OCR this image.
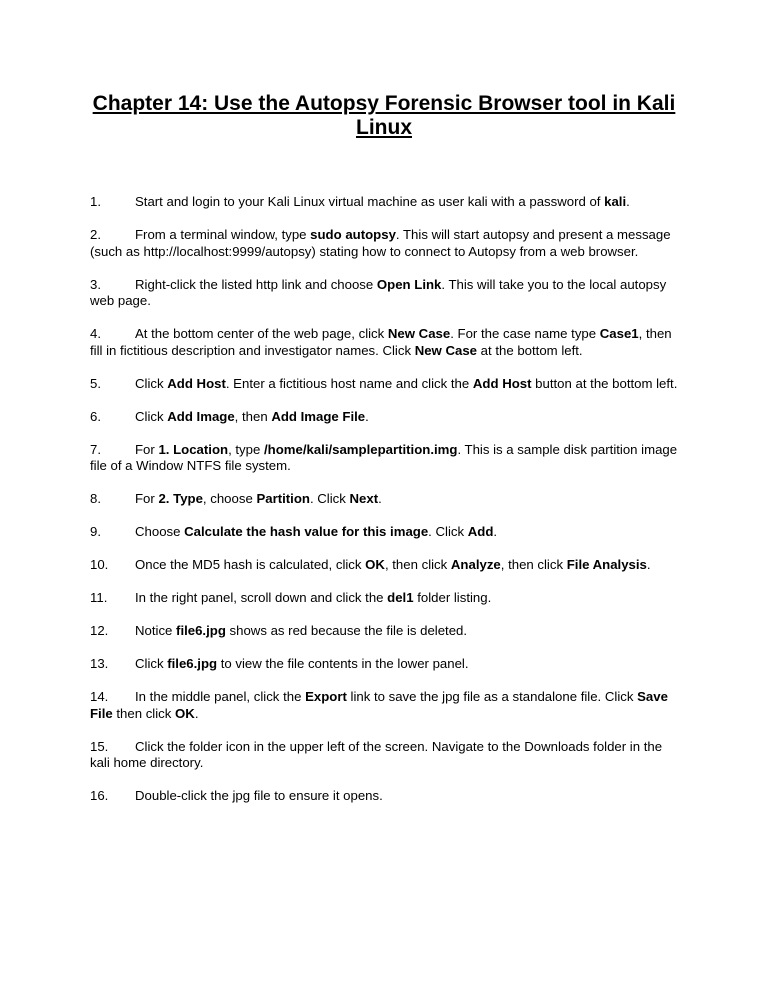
Chapter 14: Use the Autopsy Forensic Browser tool in Kali Linux
1.	Start and login to your Kali Linux virtual machine as user kali with a password of kali.
2.	From a terminal window, type sudo autopsy. This will start autopsy and present a message (such as http://localhost:9999/autopsy) stating how to connect to Autopsy from a web browser.
3.	Right-click the listed http link and choose Open Link. This will take you to the local autopsy web page.
4.	At the bottom center of the web page, click New Case. For the case name type Case1, then fill in fictitious description and investigator names. Click New Case at the bottom left.
5.	Click Add Host. Enter a fictitious host name and click the Add Host button at the bottom left.
6.	Click Add Image, then Add Image File.
7.	For 1. Location, type /home/kali/samplepartition.img. This is a sample disk partition image file of a Window NTFS file system.
8.	For 2. Type, choose Partition. Click Next.
9.	Choose Calculate the hash value for this image. Click Add.
10. Once the MD5 hash is calculated, click OK, then click Analyze, then click File Analysis.
11. In the right panel, scroll down and click the del1 folder listing.
12. Notice file6.jpg shows as red because the file is deleted.
13. Click file6.jpg to view the file contents in the lower panel.
14. In the middle panel, click the Export link to save the jpg file as a standalone file. Click Save File then click OK.
15. Click the folder icon in the upper left of the screen. Navigate to the Downloads folder in the kali home directory.
16. Double-click the jpg file to ensure it opens.
